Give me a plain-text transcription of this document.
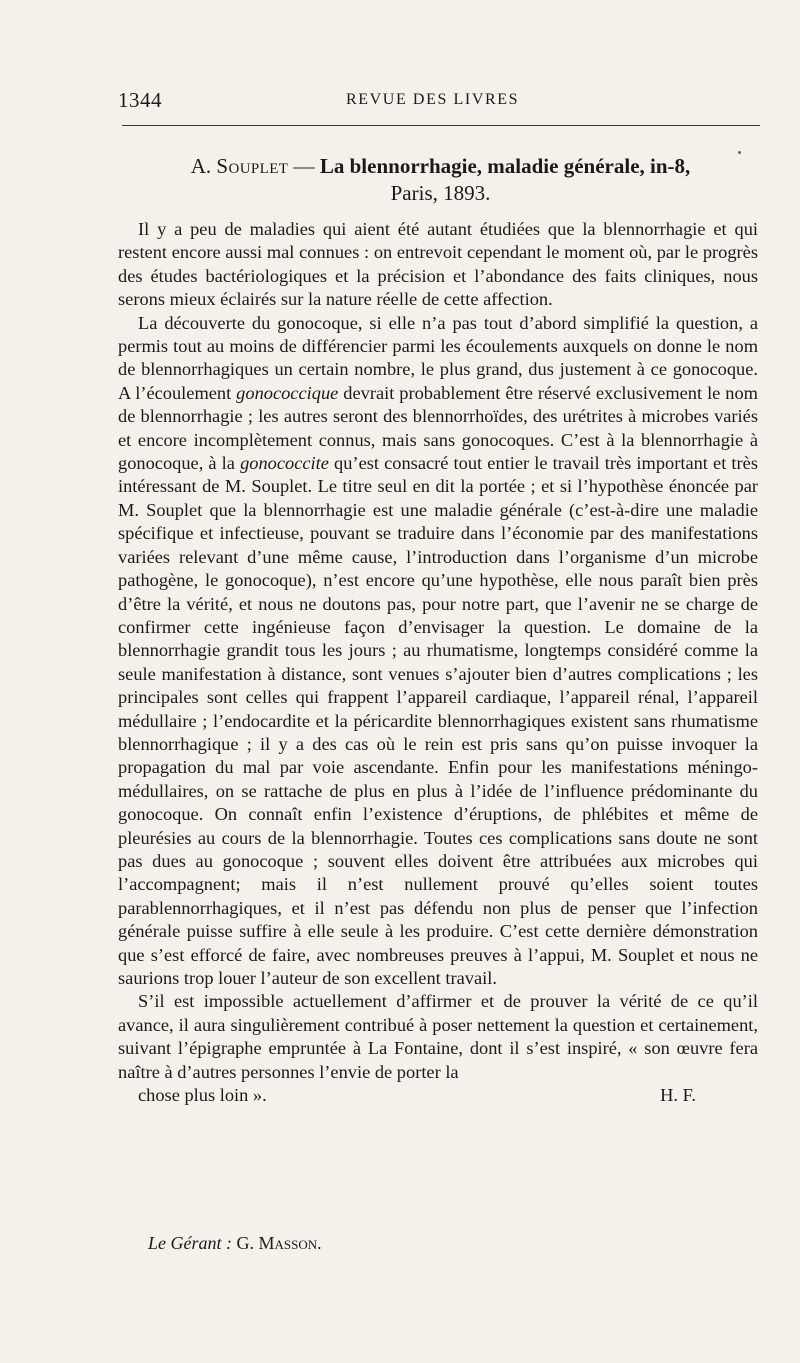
1344	REVUE DES LIVRES
A. Souplet — La blennorrhagie, maladie générale, in-8,
Paris, 1893.

Il y a peu de maladies qui aient été autant étudiées que la blennorrhagie et qui restent encore aussi mal connues : on entrevoit cependant le moment où, par le progrès des études bactériologiques et la précision et l’abondance des faits cliniques, nous serons mieux éclairés sur la nature réelle de cette affection.

La découverte du gonocoque, si elle n’a pas tout d’abord simplifié la question, a permis tout au moins de différencier parmi les écoulements auxquels on donne le nom de blennorrhagiques un certain nombre, le plus grand, dus justement à ce gonocoque. A l’écoulement gonococcique devrait probablement être réservé exclusivement le nom de blennorrhagie ; les autres seront des blennorrhoïdes, des urétrites à microbes variés et encore incomplètement connus, mais sans gonocoques. C’est à la blennorrhagie à gonocoque, à la gonococcite qu’est consacré tout entier le travail très important et très intéressant de M. Souplet. Le titre seul en dit la portée ; et si l’hypothèse énoncée par M. Souplet que la blennorrhagie est une maladie générale (c’est-à-dire une maladie spécifique et infectieuse, pouvant se traduire dans l’économie par des manifestations variées relevant d’une même cause, l’introduction dans l’organisme d’un microbe pathogène, le gonocoque), n’est encore qu’une hypothèse, elle nous paraît bien près d’être la vérité, et nous ne doutons pas, pour notre part, que l’avenir ne se charge de confirmer cette ingénieuse façon d’envisager la question. Le domaine de la blennorrhagie grandit tous les jours ; au rhumatisme, longtemps considéré comme la seule manifestation à distance, sont venues s’ajouter bien d’autres complications ; les principales sont celles qui frappent l’appareil cardiaque, l’appareil rénal, l’appareil médullaire ; l’endocardite et la péricardite blennorrhagiques existent sans rhumatisme blennorrhagique ; il y a des cas où le rein est pris sans qu’on puisse invoquer la propagation du mal par voie ascendante. Enfin pour les manifestations méningo-médullaires, on se rattache de plus en plus à l’idée de l’influence prédominante du gonocoque. On connaît enfin l’existence d’éruptions, de phlébites et même de pleurésies au cours de la blennorrhagie. Toutes ces complications sans doute ne sont pas dues au gonocoque ; souvent elles doivent être attribuées aux microbes qui l’accompagnent; mais il n’est nullement prouvé qu’elles soient toutes parablennorrhagiques, et il n’est pas défendu non plus de penser que l’infection générale puisse suffire à elle seule à les produire. C’est cette dernière démonstration que s’est efforcé de faire, avec nombreuses preuves à l’appui, M. Souplet et nous ne saurions trop louer l’auteur de son excellent travail.

S’il est impossible actuellement d’affirmer et de prouver la vérité de ce qu’il avance, il aura singulièrement contribué à poser nettement la question et certainement, suivant l’épigraphe empruntée à La Fontaine, dont il s’est inspiré, « son œuvre fera naître à d’autres personnes l’envie de porter la

chose plus loin ».	H. F.

Le Gérant : G. Masson.
